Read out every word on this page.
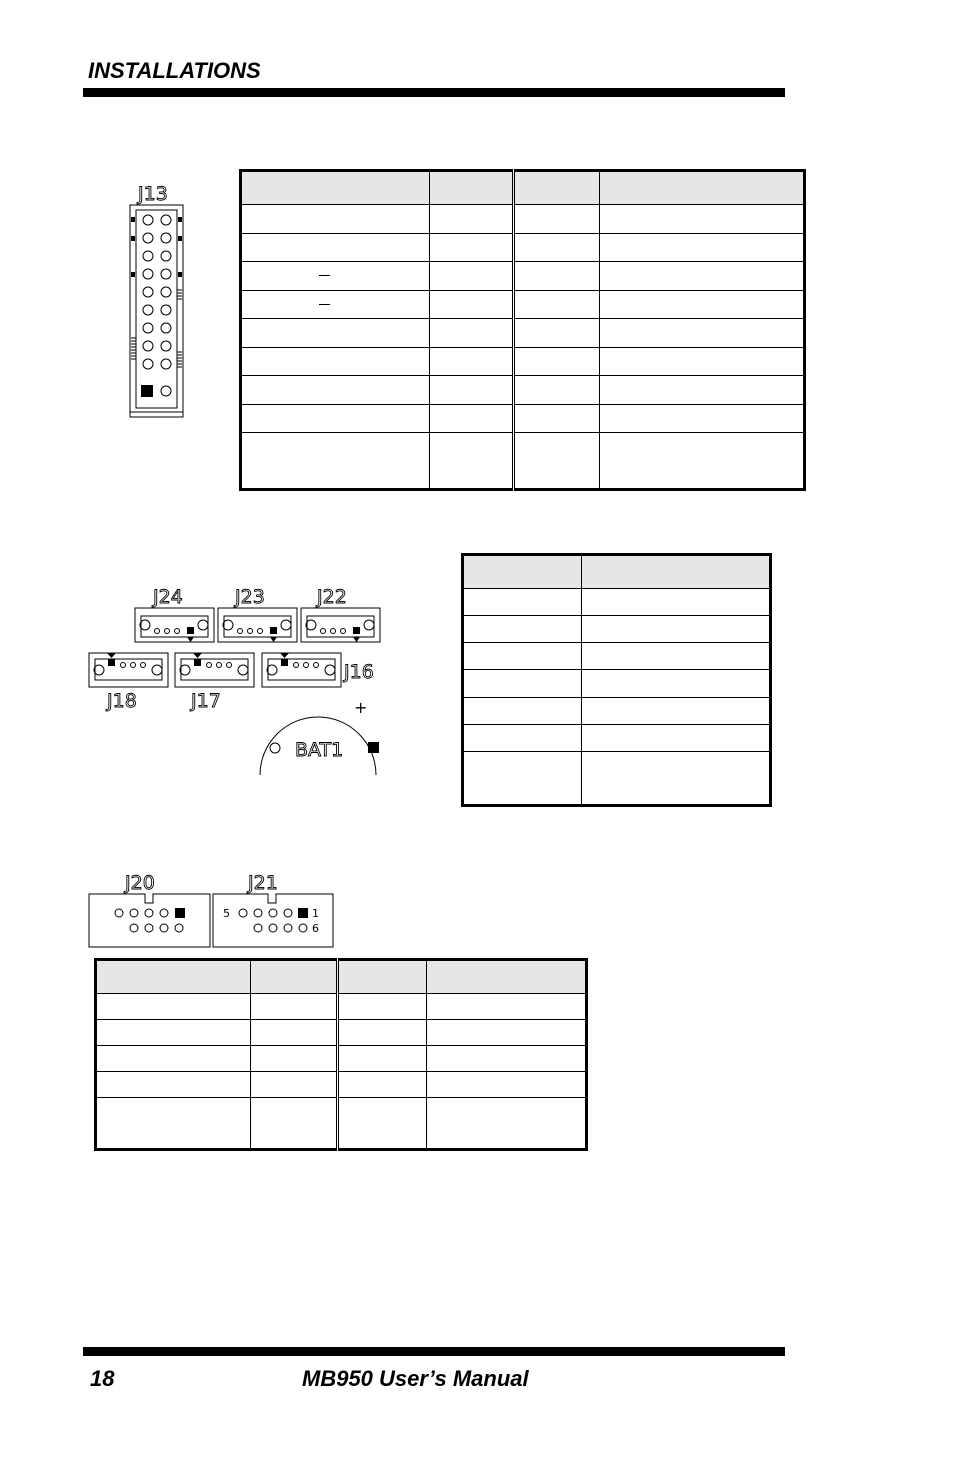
INSTALLATIONS
J13

J24	J23	J22
J18	J17
J16
BAT1
+

J20	J21
5	1
6

18	MB950 User’s Manual
